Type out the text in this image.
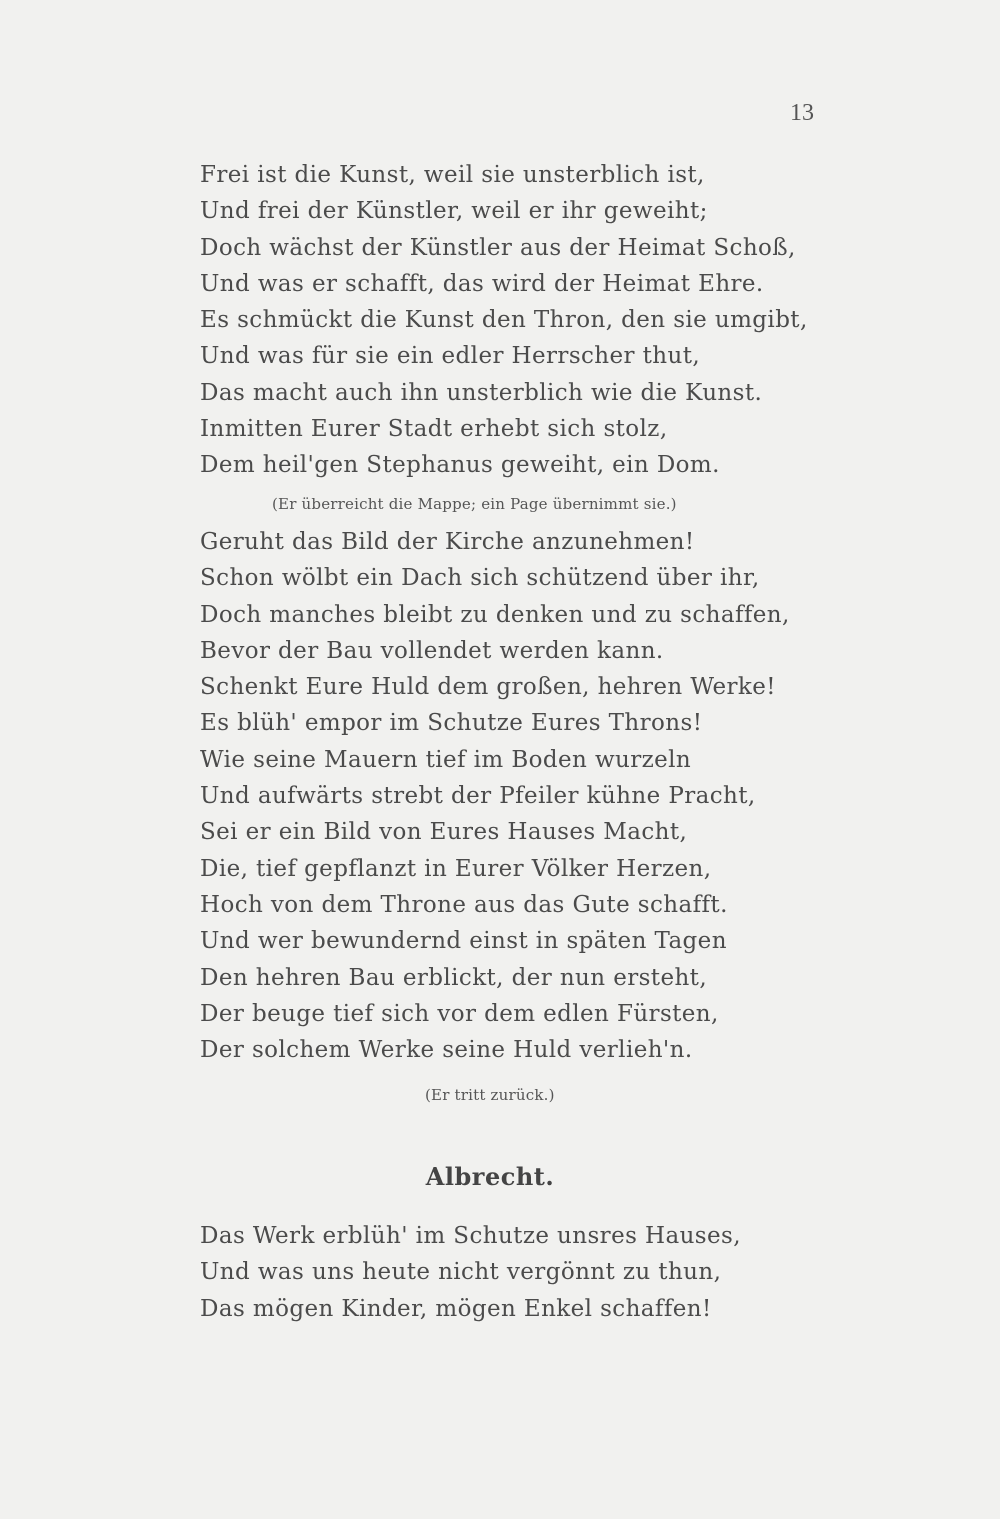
13
Frei ist die Kunst, weil sie unsterblich ist,
Und frei der Künstler, weil er ihr geweiht;
Doch wächst der Künstler aus der Heimat Schoß,
Und was er schafft, das wird der Heimat Ehre.
Es schmückt die Kunst den Thron, den sie umgibt,
Und was für sie ein edler Herrscher thut,
Das macht auch ihn unsterblich wie die Kunst.
Inmitten Eurer Stadt erhebt sich stolz,
Dem heil'gen Stephanus geweiht, ein Dom.
(Er überreicht die Mappe; ein Page übernimmt sie.)
Geruht das Bild der Kirche anzunehmen!
Schon wölbt ein Dach sich schützend über ihr,
Doch manches bleibt zu denken und zu schaffen,
Bevor der Bau vollendet werden kann.
Schenkt Eure Huld dem großen, hehren Werke!
Es blüh' empor im Schutze Eures Throns!
Wie seine Mauern tief im Boden wurzeln
Und aufwärts strebt der Pfeiler kühne Pracht,
Sei er ein Bild von Eures Hauses Macht,
Die, tief gepflanzt in Eurer Völker Herzen,
Hoch von dem Throne aus das Gute schafft.
Und wer bewundernd einst in späten Tagen
Den hehren Bau erblickt, der nun ersteht,
Der beuge tief sich vor dem edlen Fürsten,
Der solchem Werke seine Huld verlieh'n.
(Er tritt zurück.)
Albrecht.
Das Werk erblüh' im Schutze unsres Hauses,
Und was uns heute nicht vergönnt zu thun,
Das mögen Kinder, mögen Enkel schaffen!
